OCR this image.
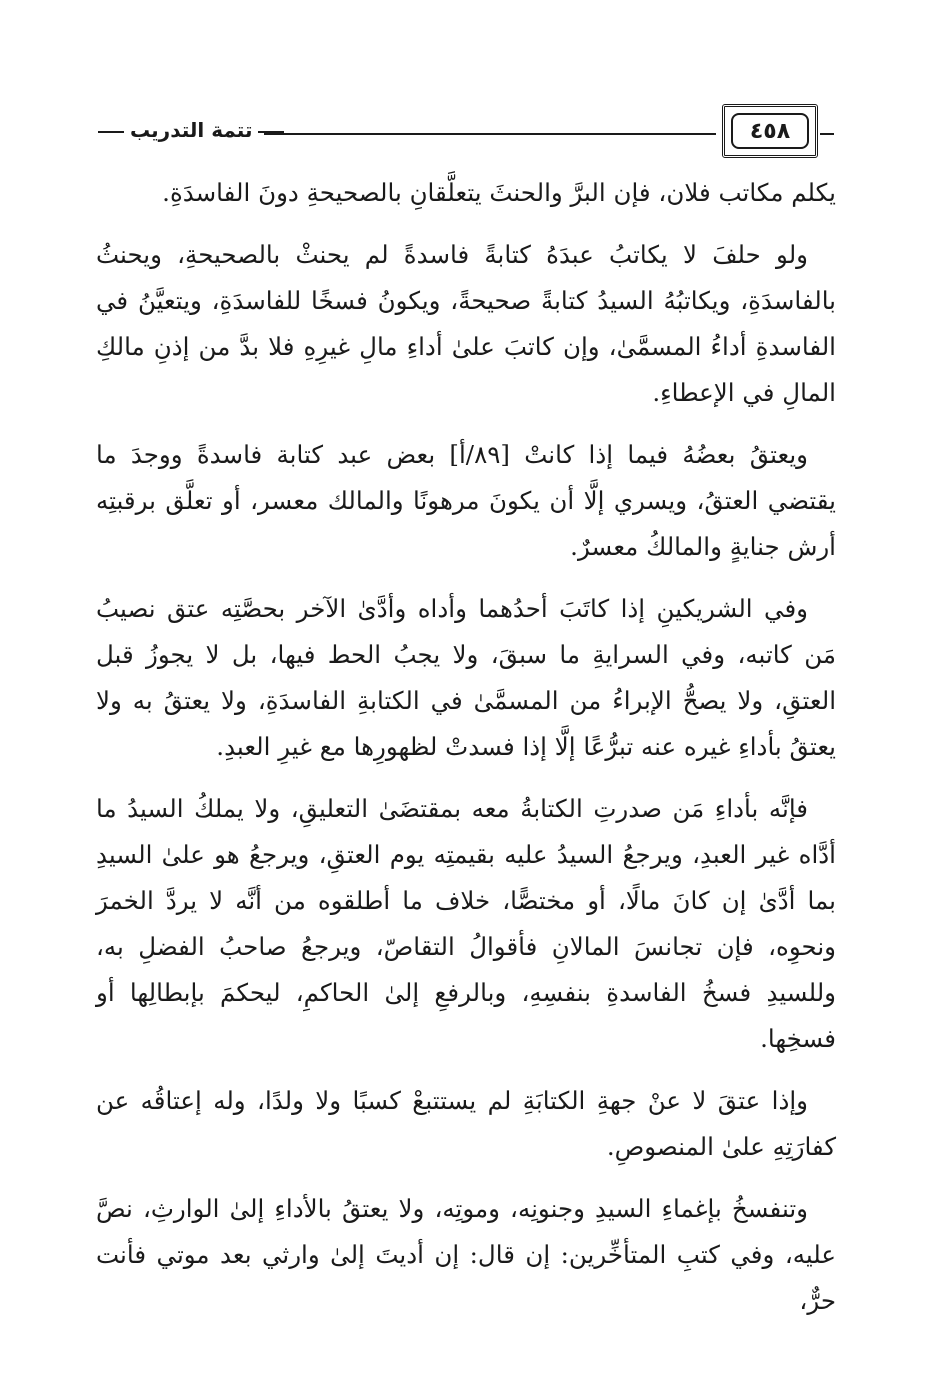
تتمة التدريب	٤٥٨

يكلم مكاتب فلان، فإن البرَّ والحنثَ يتعلَّقانِ بالصحيحةِ دونَ الفاسدَةِ.

ولو حلفَ لا يكاتبُ عبدَهُ كتابةً فاسدةً لم يحنثْ بالصحيحةِ، ويحنثُ بالفاسدَةِ، ويكاتبُهُ السيدُ كتابةً صحيحةً، ويكونُ فسخًا للفاسدَةِ، ويتعيَّنُ في الفاسدةِ أداءُ المسمَّىٰ، وإن كاتبَ علىٰ أداءِ مالِ غيرِهِ فلا بدَّ من إذنِ مالكِ المالِ في الإعطاءِ.

ويعتقُ بعضُهُ فيما إذا كانتْ [٨٩/أ] بعض عبد كتابة فاسدةً ووجدَ ما يقتضي العتقُ، ويسري إلَّا أن يكونَ مرهونًا والمالك معسر، أو تعلَّق برقبتِه أرش جنايةٍ والمالكُ معسرٌ.

وفي الشريكينِ إذا كاتَبَ أحدُهما وأداه وأدَّىٰ الآخر بحصَّتِه عتق نصيبُ مَن كاتبه، وفي السرايةِ ما سبقَ، ولا يجبُ الحط فيها، بل لا يجوزُ قبل العتقِ، ولا يصحُّ الإبراءُ من المسمَّىٰ في الكتابةِ الفاسدَةِ، ولا يعتقُ به ولا يعتقُ بأداءِ غيره عنه تبرُّعًا إلَّا إذا فسدتْ لظهورِها مع غيرِ العبدِ.

فإنَّه بأداءِ مَن صدرتِ الكتابةُ معه بمقتضَىٰ التعليقِ، ولا يملكُ السيدُ ما أدَّاه غير العبدِ، ويرجعُ السيدُ عليه بقيمتِه يوم العتقِ، ويرجعُ هو علىٰ السيدِ بما أدَّىٰ إن كانَ مالًا، أو مختصًّا، خلاف ما أطلقوه من أنَّه لا يردَّ الخمرَ ونحوِه، فإن تجانسَ المالانِ فأقوالُ التقاصّ، ويرجعُ صاحبُ الفضلِ به، وللسيدِ فسخُ الفاسدةِ بنفسِهِ، وبالرفعِ إلىٰ الحاكمِ، ليحكمَ بإبطالِها أو فسخِها.

وإذا عتقَ لا عنْ جهةِ الكتابَةِ لم يستتبعْ كسبًا ولا ولدًا، وله إعتاقُه عن كفارَتِهِ علىٰ المنصوصِ.

وتنفسخُ بإغماءِ السيدِ وجنونِه، وموتِه، ولا يعتقُ بالأداءِ إلىٰ الوارثِ، نصَّ عليه، وفي كتبِ المتأخِّرين: إن قال: إن أديتَ إلىٰ وارثي بعد موتي فأنت حرٌّ،
